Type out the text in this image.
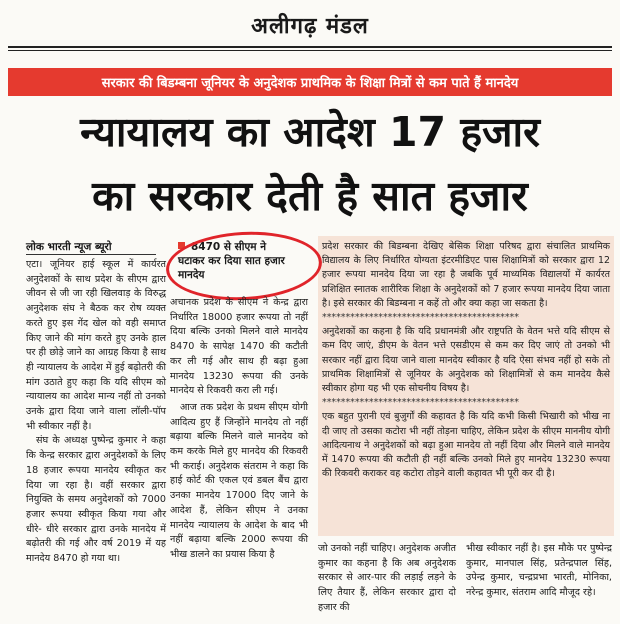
अलीगढ़ मंडल
सरकार की बिडम्बना जूनियर के अनुदेशक प्राथमिक के शिक्षा मित्रों से कम पाते हैं मानदेय
न्यायालय का आदेश 17 हजार
का सरकार देती है सात हजार
लोक भारती न्यूज ब्यूरो

एटा। जूनियर हाई स्कूल में कार्यरत अनुदेशकों के साथ प्रदेश के सीएम द्वारा जीवन से जी जा रही खिलवाड़ के विरुद्ध अनुदेशक संघ ने बैठक कर रोष व्यक्त करते हुए इस गेंद खेल को वही समाप्त किए जाने की मांग करते हुए उनके हाल पर ही छोड़े जाने का आग्रह किया है साथ ही न्यायालय के आदेश में हुई बढ़ोतरी की मांग उठाते हुए कहा कि यदि सीएम को न्यायालय का आदेश मान्य नहीं तो उनको उनके द्वारा दिया जाने वाला लॉली-पॉप भी स्वीकार नहीं है।

संघ के अध्यक्ष पुष्पेन्द्र कुमार ने कहा कि केन्द्र सरकार द्वारा अनुदेशकों के लिए 18 हजार रूपया मानदेय स्वीकृत कर दिया जा रहा है। वहीं सरकार द्वारा नियुक्ति के समय अनुदेशकों को 7000 हजार रूपया स्वीकृत किया गया और धीरे- धीरे सरकार द्वारा उनके मानदेय में बढ़ोतरी की गई और वर्ष 2019 में यह मानदेय 8470 हो गया था।

8470 से सीएम ने घटाकर कर दिया सात हजार मानदेय

अचानक प्रदेश के सीएम ने केन्द्र द्वारा निर्धारित 18000 हजार रूपया तो नहीं दिया बल्कि उनको मिलने वाले मानदेय 8470 के सापेक्ष 1470 की कटौती कर ली गई और साथ ही बढ़ा हुआ मानदेय 13230 रूपया की उनके मानदेय से रिकवरी करा ली गई।

आज तक प्रदेश के प्रथम सीएम योगी आदित्य हुए हैं जिन्होंने मानदेय तो नहीं बढ़ाया बल्कि मिलने वाले मानदेय को कम करके मिले हुए मानदेय की रिकवरी भी कराई। अनुदेशक संतराम ने कहा कि हाई कोर्ट की एकल एवं डबल बैंच द्वारा उनका मानदेय 17000 दिए जाने के आदेश हैं, लेकिन सीएम ने उनका मानदेय न्यायालय के आदेश के बाद भी नहीं बढ़ाया बल्कि 2000 रूपया की भीख डालने का प्रयास किया है

प्रदेश सरकार की बिडम्बना देखिए बेसिक शिक्षा परिषद द्वारा संचालित प्राथमिक विद्यालय के लिए निर्धारित योग्यता इंटरमीडिएट पास शिक्षामित्रों को सरकार द्वारा 12 हजार रूपया मानदेय दिया जा रहा है जबकि पूर्व माध्यमिक विद्यालयों में कार्यरत प्रशिक्षित स्नातक शारीरिक शिक्षा के अनुदेशकों को 7 हजार रूपया मानदेय दिया जाता है। इसे सरकार की बिडम्बना न कहें तो और क्या कहा जा सकता है।

******************************************

अनुदेशकों का कहना है कि यदि प्रधानमंत्री और राष्ट्रपति के वेतन भत्ते यदि सीएम से कम दिए जाएं, डीएम के वेतन भत्ते एसडीएम से कम कर दिए जाएं तो उनको भी सरकार नहीं द्वारा दिया जाने वाला मानदेय स्वीकार है यदि ऐसा संभव नहीं हो सके तो प्राथमिक शिक्षामित्रों से जूनियर के अनुदेशक को शिक्षामित्रों से कम मानदेय कैसे स्वीकार होगा यह भी एक सोचनीय विषय है।

******************************************

एक बहुत पुरानी एवं बुजुर्गों की कहावत है कि यदि कभी किसी भिखारी को भीख ना दी जाए तो उसका कटोरा भी नहीं तोड़ना चाहिए, लेकिन प्रदेश के सीएम माननीय योगी आदित्यनाथ ने अनुदेशकों को बढ़ा हुआ मानदेय तो नहीं दिया और मिलने वाले मानदेय में 1470 रूपया की कटौती ही नहीं बल्कि उनको मिले हुए मानदेय 13230 रूपया की रिकवरी कराकर वह कटोरा तोड़ने वाली कहावत भी पूरी कर दी है।

जो उनको नहीं चाहिए। अनुदेशक अजीत कुमार का कहना है कि अब अनुदेशक सरकार से आर-पार की लड़ाई लड़ने के लिए तैयार हैं, लेकिन सरकार द्वारा दो हजार की

भीख स्वीकार नहीं है। इस मौके पर पुष्पेन्द्र कुमार, मानपाल सिंह, प्रतेन्द्रपाल सिंह, उपेन्द्र कुमार, चन्द्रप्रभा भारती, मोनिका, नरेन्द्र कुमार, संतराम आदि मौजूद रहे।
